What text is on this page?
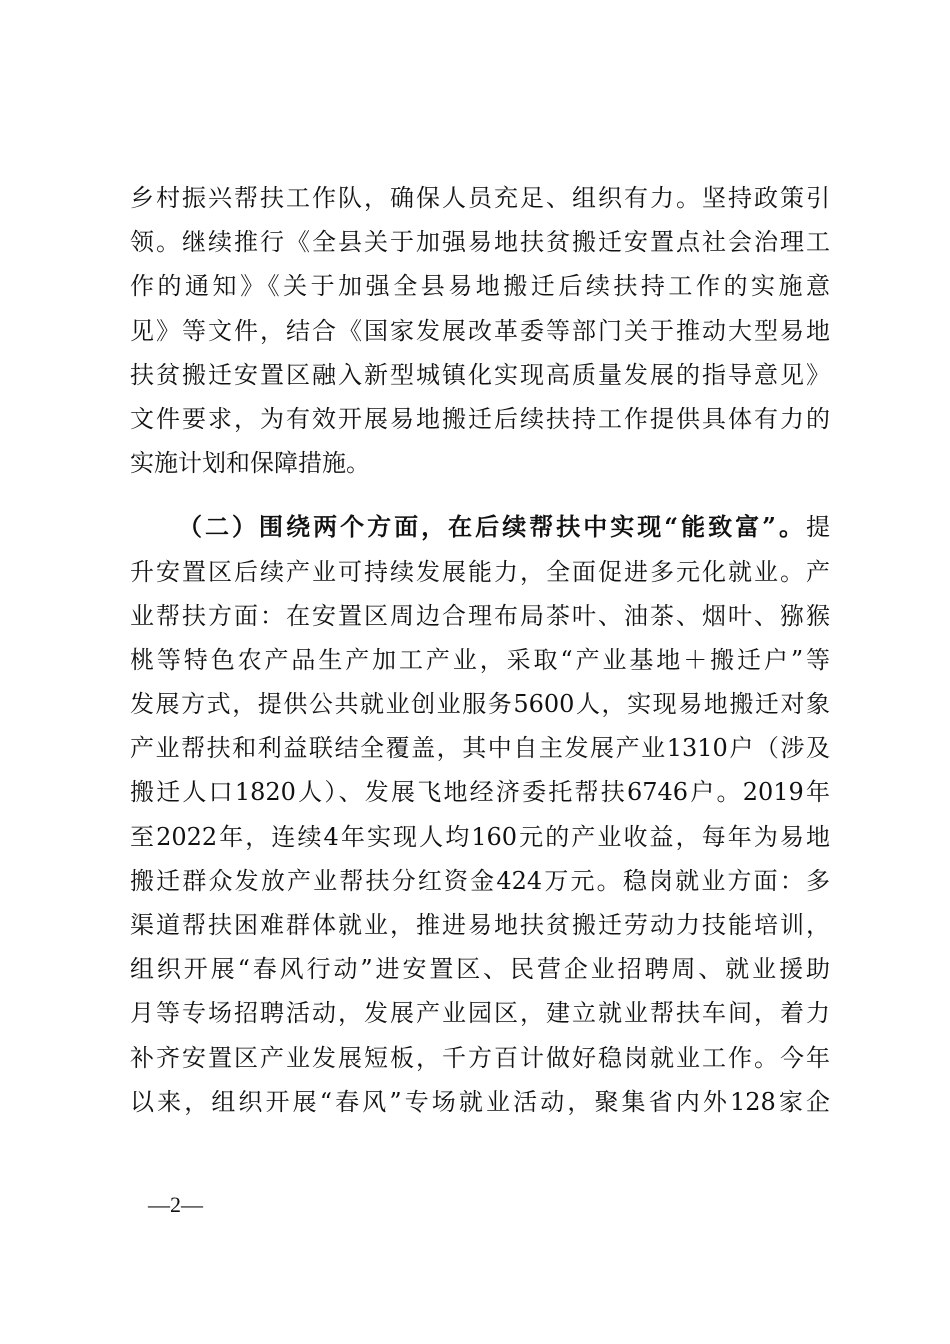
乡村振兴帮扶工作队，确保人员充足、组织有力。坚持政策引
领。继续推行《全县关于加强易地扶贫搬迁安置点社会治理工
作的通知》《关于加强全县易地搬迁后续扶持工作的实施意
见》等文件，结合《国家发展改革委等部门关于推动大型易地
扶贫搬迁安置区融入新型城镇化实现高质量发展的指导意见》
文件要求，为有效开展易地搬迁后续扶持工作提供具体有力的
实施计划和保障措施。
（二）围绕两个方面，在后续帮扶中实现“能致富”。提
升安置区后续产业可持续发展能力，全面促进多元化就业。产
业帮扶方面：在安置区周边合理布局茶叶、油茶、烟叶、猕猴
桃等特色农产品生产加工产业，采取“产业基地＋搬迁户”等
发展方式，提供公共就业创业服务5600人，实现易地搬迁对象
产业帮扶和利益联结全覆盖，其中自主发展产业1310户（涉及
搬迁人口1820人）、发展飞地经济委托帮扶6746户。2019年
至2022年，连续4年实现人均160元的产业收益，每年为易地
搬迁群众发放产业帮扶分红资金424万元。稳岗就业方面：多
渠道帮扶困难群体就业，推进易地扶贫搬迁劳动力技能培训，
组织开展“春风行动”进安置区、民营企业招聘周、就业援助
月等专场招聘活动，发展产业园区，建立就业帮扶车间，着力
补齐安置区产业发展短板，千方百计做好稳岗就业工作。今年
以来，组织开展“春风”专场就业活动，聚集省内外128家企
—2—
